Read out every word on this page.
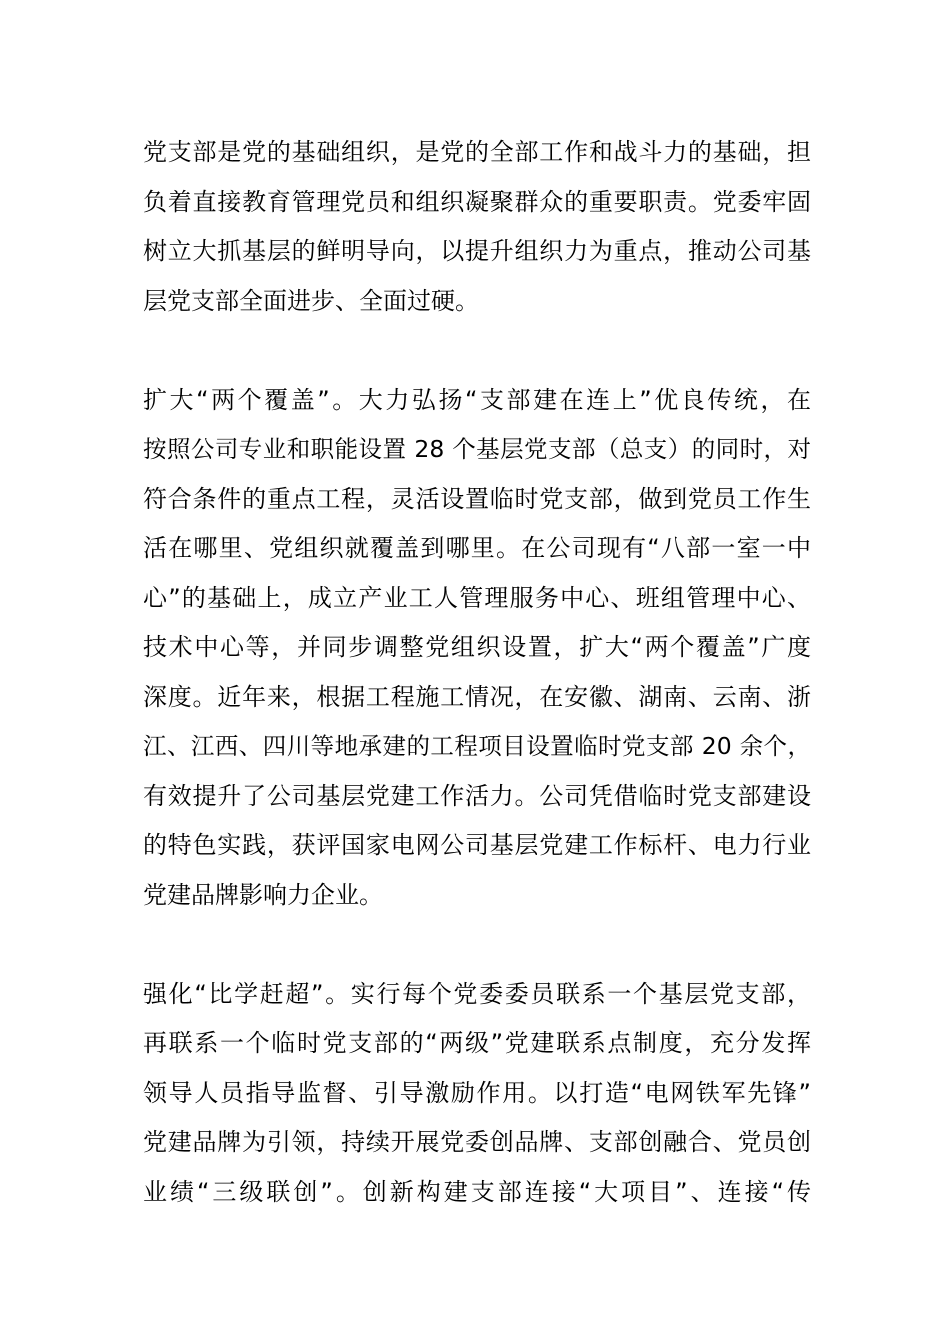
党支部是党的基础组织，是党的全部工作和战斗力的基础，担
负着直接教育管理党员和组织凝聚群众的重要职责。党委牢固
树立大抓基层的鲜明导向，以提升组织力为重点，推动公司基
层党支部全面进步、全面过硬。
扩大“两个覆盖”。大力弘扬“支部建在连上”优良传统，在
按照公司专业和职能设置 28 个基层党支部（总支）的同时，对
符合条件的重点工程，灵活设置临时党支部，做到党员工作生
活在哪里、党组织就覆盖到哪里。在公司现有“八部一室一中
心”的基础上，成立产业工人管理服务中心、班组管理中心、
技术中心等，并同步调整党组织设置，扩大“两个覆盖”广度
深度。近年来，根据工程施工情况，在安徽、湖南、云南、浙
江、江西、四川等地承建的工程项目设置临时党支部 20 余个，
有效提升了公司基层党建工作活力。公司凭借临时党支部建设
的特色实践，获评国家电网公司基层党建工作标杆、电力行业
党建品牌影响力企业。
强化“比学赶超”。实行每个党委委员联系一个基层党支部，
再联系一个临时党支部的“两级”党建联系点制度，充分发挥
领导人员指导监督、引导激励作用。以打造“电网铁军先锋”
党建品牌为引领，持续开展党委创品牌、支部创融合、党员创
业绩“三级联创”。创新构建支部连接“大项目”、连接“传
